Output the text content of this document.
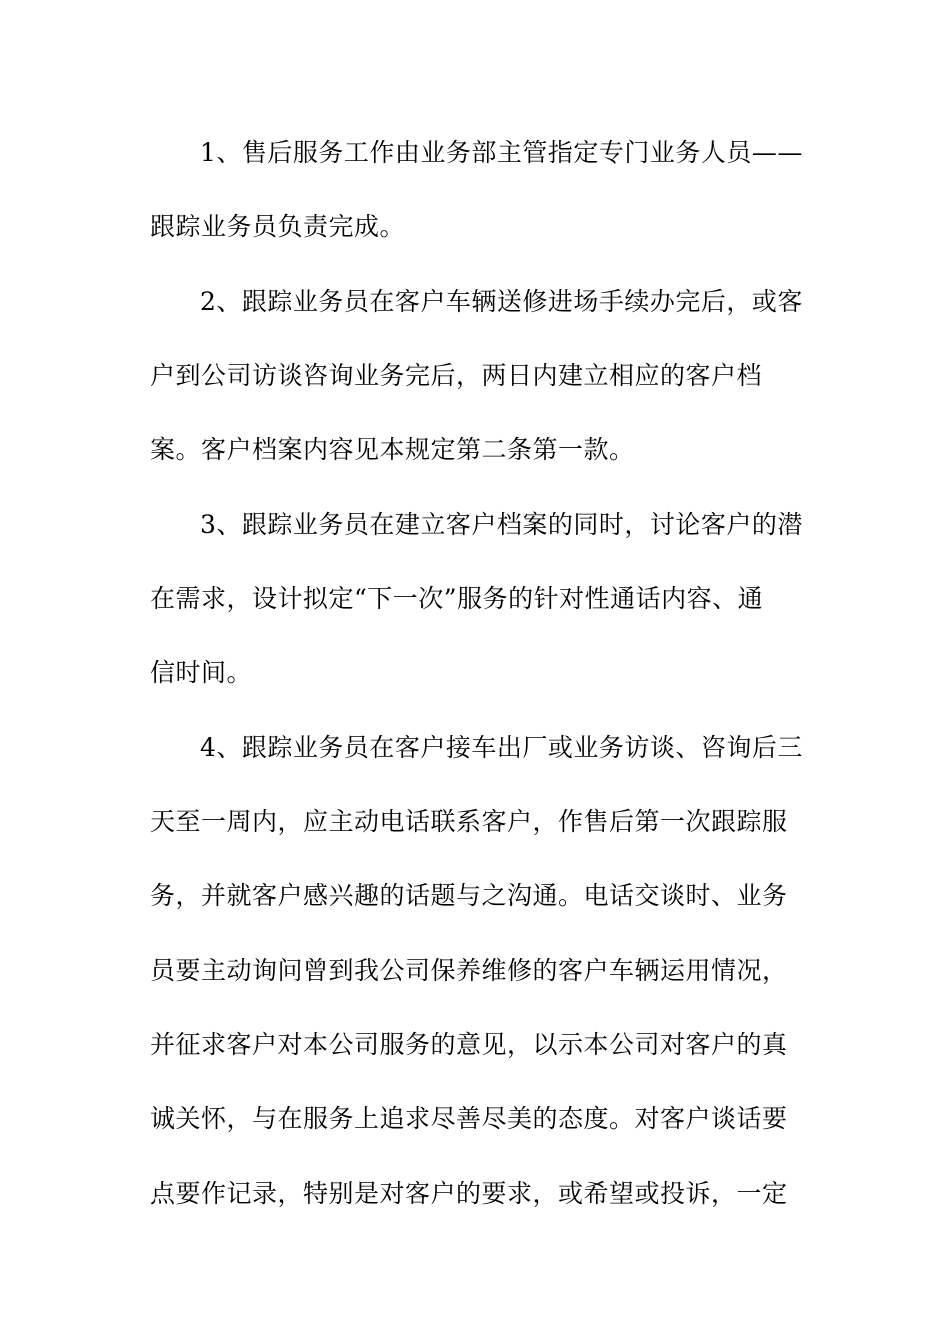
1、售后服务工作由业务部主管指定专门业务人员——
跟踪业务员负责完成。
2、跟踪业务员在客户车辆送修进场手续办完后，或客
户到公司访谈咨询业务完后，两日内建立相应的客户档
案。客户档案内容见本规定第二条第一款。
3、跟踪业务员在建立客户档案的同时，讨论客户的潜
在需求，设计拟定“下一次”服务的针对性通话内容、通
信时间。
4、跟踪业务员在客户接车出厂或业务访谈、咨询后三
天至一周内，应主动电话联系客户，作售后第一次跟踪服
务，并就客户感兴趣的话题与之沟通。电话交谈时、业务
员要主动询问曾到我公司保养维修的客户车辆运用情况，
并征求客户对本公司服务的意见，以示本公司对客户的真
诚关怀，与在服务上追求尽善尽美的态度。对客户谈话要
点要作记录，特别是对客户的要求，或希望或投诉，一定
